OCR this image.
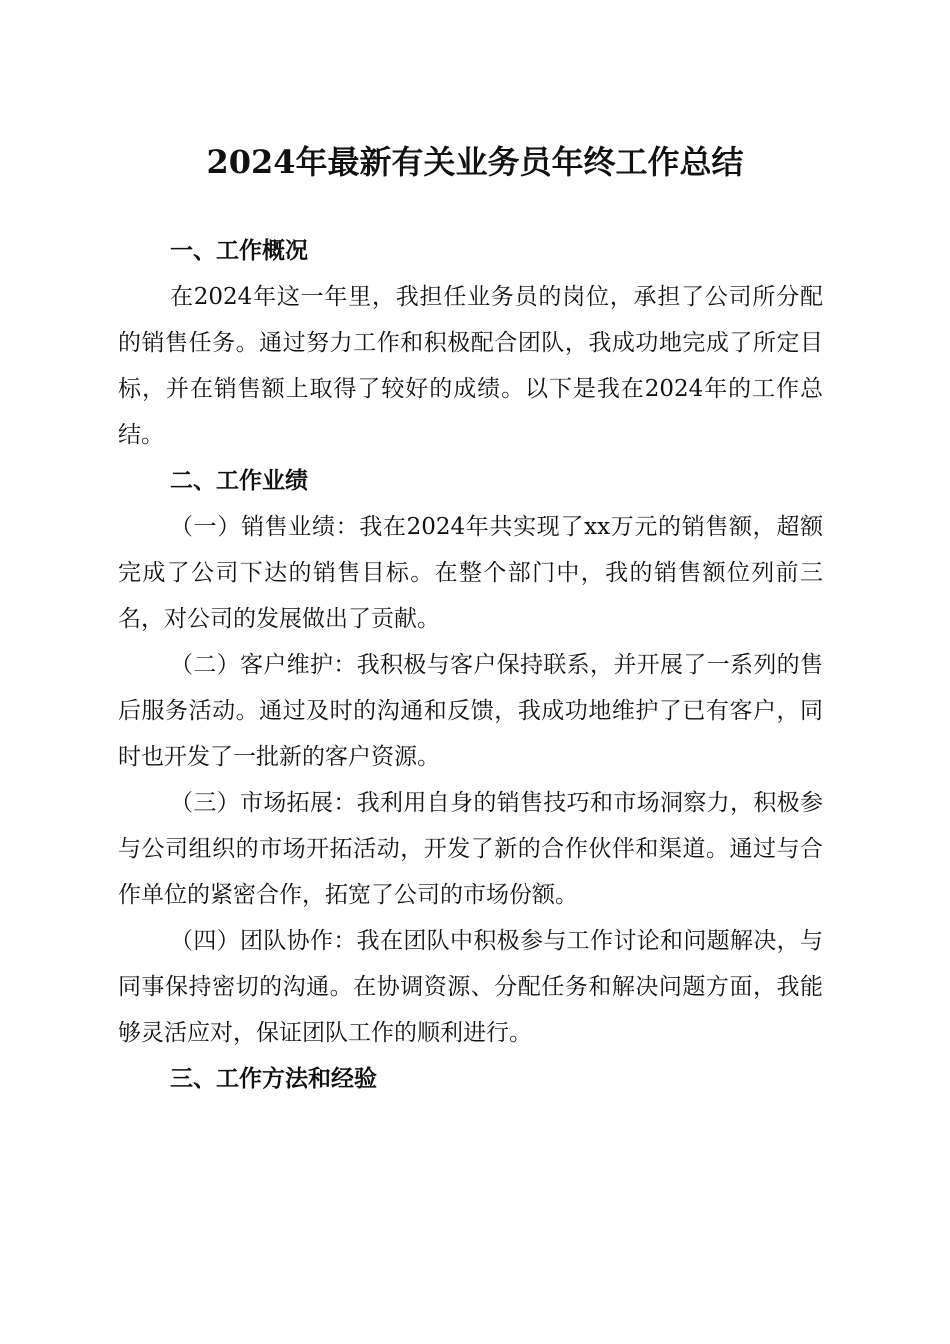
2024年最新有关业务员年终工作总结

一、工作概况

在2024年这一年里，我担任业务员的岗位，承担了公司所分配的销售任务。通过努力工作和积极配合团队，我成功地完成了所定目标，并在销售额上取得了较好的成绩。以下是我在2024年的工作总结。

二、工作业绩

（一）销售业绩：我在2024年共实现了xx万元的销售额，超额完成了公司下达的销售目标。在整个部门中，我的销售额位列前三名，对公司的发展做出了贡献。

（二）客户维护：我积极与客户保持联系，并开展了一系列的售后服务活动。通过及时的沟通和反馈，我成功地维护了已有客户，同时也开发了一批新的客户资源。

（三）市场拓展：我利用自身的销售技巧和市场洞察力，积极参与公司组织的市场开拓活动，开发了新的合作伙伴和渠道。通过与合作单位的紧密合作，拓宽了公司的市场份额。

（四）团队协作：我在团队中积极参与工作讨论和问题解决，与同事保持密切的沟通。在协调资源、分配任务和解决问题方面，我能够灵活应对，保证团队工作的顺利进行。

三、工作方法和经验
